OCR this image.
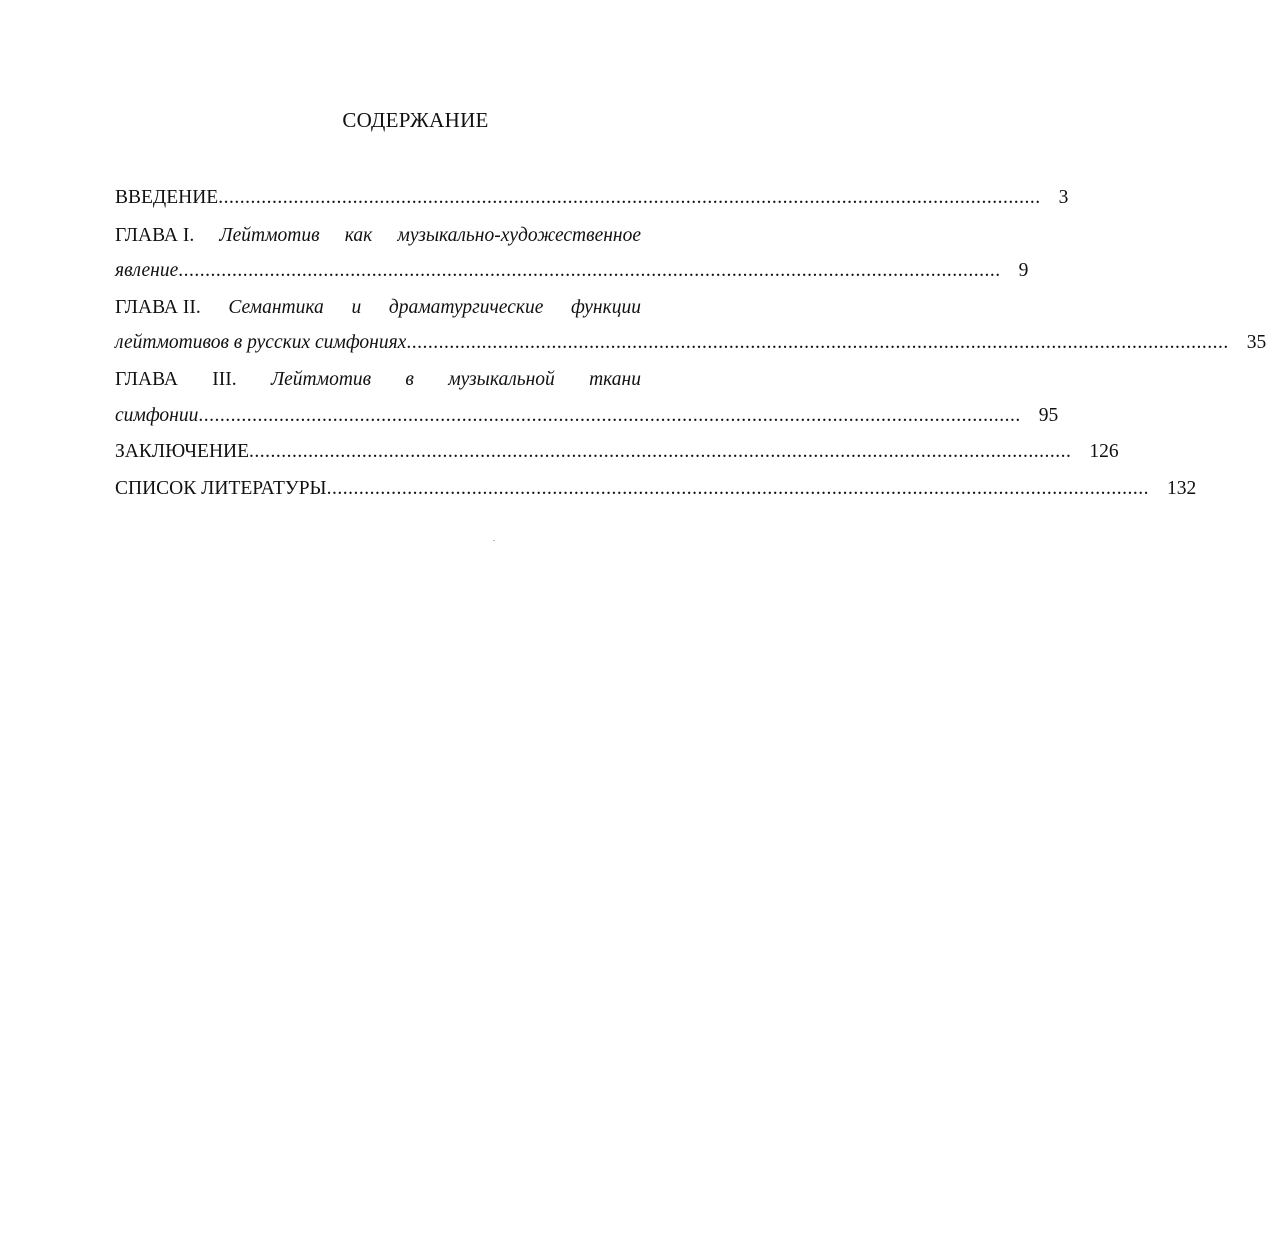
СОДЕРЖАНИЕ
ВВЕДЕНИЕ ......................................................................................................................................................... 3
ГЛАВА I. Лейтмотив как музыкально-художественное
явление ......................................................................................................................................................... 9
ГЛАВА II. Семантика и драматургические функции
лейтмотивов в русских симфониях ......................................................................................................................................................... 35
ГЛАВА III. Лейтмотив в музыкальной ткани
симфонии ......................................................................................................................................................... 95
ЗАКЛЮЧЕНИЕ ......................................................................................................................................................... 126
СПИСОК ЛИТЕРАТУРЫ ......................................................................................................................................................... 132
